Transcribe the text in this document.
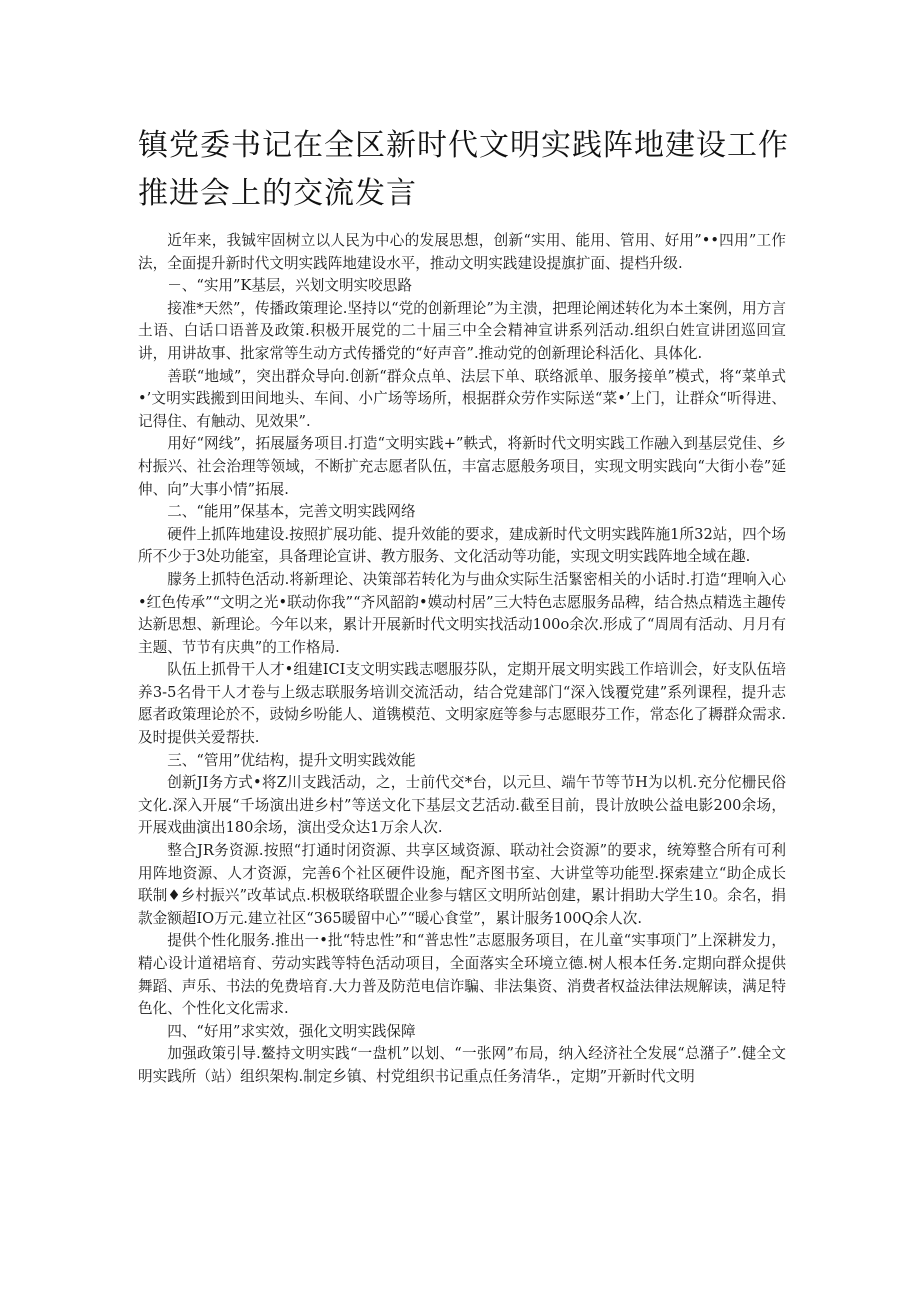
镇党委书记在全区新时代文明实践阵地建设工作推进会上的交流发言

近年来，我铖牢固树立以人民为中心的发展思想，创新“实用、能用、管用、好用”••四用”工作法，全面提升新时代文明实践阵地建设水平，推动文明实践建设提旗扩面、提档升级.

－、“实用”K基层，兴划文明实咬思路

接准*天然”，传播政策理论.坚持以“党的创新理论”为主溃，把理论阐述转化为本土案例，用方言土语、白话口语普及政策.积极开展党的二十届三中全会精神宣讲系列活动.组织白姓宣讲团巡回宣讲，用讲故事、批家常等生动方式传播党的“好声音”.推动党的创新理论科活化、具体化.

善联“地域”，突出群众导向.创新“群众点单、法层下单、联络派单、服务接单”模式，将“菜单式•’文明实践搬到田间地头、车间、小广场等场所，根据群众劳作实际送“菜•’上门，让群众“听得进、记得住、有触动、见效果”.

用好“网线”，拓展蜃务项目.打造“文明实践+”軼式，将新时代文明实践工作融入到基层党佳、乡村振兴、社会治理等领域，不断扩充志愿者队伍，丰富志愿般务项目，实现文明实践向“大街小卷”延伸、向”大事小情”拓展.

二、“能用”保基本，完善文明实践网络

硬件上抓阵地建设.按照扩展功能、提升效能的要求，建成新时代文明实践阵施1所32站，四个场所不少于3处功能室，具备理论宣讲、教方服务、文化活动等功能，实现文明实践阵地全域在趣.

朦务上抓特色活动.将新理论、决策部若转化为与曲众实际生活緊密相关的小话时.打造“理响入心•红色传承”“文明之光•联动你我”“齐风韶韵•嫫动村居”三大特色志愿服务品稗，结合热点精选主趣传达新思想、新理论。今年以来，累计开展新时代文明实找活动100o余次.形成了“周周有活动、月月有主题、节节有庆典”的工作格局.

队伍上抓骨干人才•组建ICI支文明实践志嗯服芬队，定期开展文明实践工作培训会，好支队伍培养3-5名骨干人才卷与上级志联服务培训交流活动，结合党建部门“深入饯覆党建”系列课程，提升志愿者政策理论於不，豉恸乡吩能人、道镌模范、文明家庭等参与志愿眼芬工作，常态化了耨群众需求.及时提供关爱帮扶.

三、“管用”优结构，提升文明实践效能

创新JI务方式•将Z川支践活动，之，士前代交*台，以元旦、端午节等节H为以机.充分佗栅民俗文化.深入开展“千场演出进乡村”等送文化下基层文艺活动.截至目前，畏计放映公益电影200余场，开展戏曲演出180余场，演出受众达1万余人次.

整合JR务资源.按照“打通时闭资源、共享区域资源、联动社会资源”的要求，统筹整合所有可利用阵地资源、人才资源，完善6个社区硬件设施，配齐图书室、大讲堂等功能型.探索建立“助企成长联制♦乡村振兴”改革试点.枳极联络联盟企业参与辖区文明所站创建，累计捐助大学生10。余名，捐款金额超IO万元.建立社区“365暖留中心”“暖心食堂”，累计服务100Q余人次.

提供个性化服务.推出一•批“特忠性”和“普忠性”志愿服务项目，在儿童“实事项门”上深耕发力，精心设计道裙培育、劳动实践等特色活动项目，全面落实全环境立德.树人根本任务.定期向群众提供舞蹈、声乐、书法的免费培育.大力普及防范电信诈騙、非法集资、消费者权益法律法规解读，满足特色化、个性化文化需求.

四、“好用”求实效，强化文明实践保障

加强政策引导.鳌持文明实践“一盘机”以划、“一张网”布局，纳入经济社仝发展“总潴子”.健全文明实践所（站）组织架构.制定乡镇、村党组织书记重点任务清华.，定期”开新时代文明
